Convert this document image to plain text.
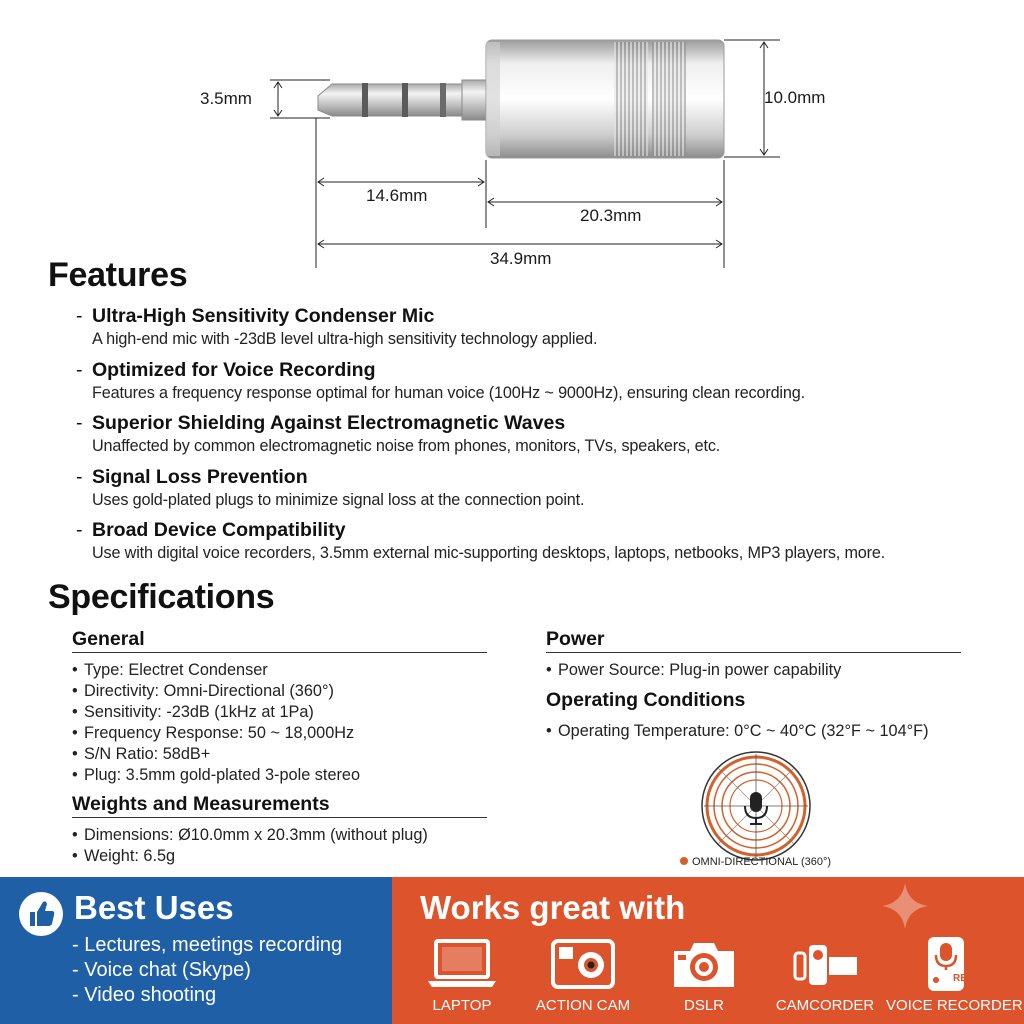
3.5mm	10.0mm
14.6mm
20.3mm
34.9mm
Features
- Ultra-High Sensitivity Condenser Mic
A high-end mic with -23dB level ultra-high sensitivity technology applied.
- Optimized for Voice Recording
Features a frequency response optimal for human voice (100Hz ~ 9000Hz), ensuring clean recording.
- Superior Shielding Against Electromagnetic Waves
Unaffected by common electromagnetic noise from phones, monitors, TVs, speakers, etc.
- Signal Loss Prevention
Uses gold-plated plugs to minimize signal loss at the connection point.
- Broad Device Compatibility
Use with digital voice recorders, 3.5mm external mic-supporting desktops, laptops, netbooks, MP3 players, more.
Specifications
General
• Type: Electret Condenser
• Directivity: Omni-Directional (360°)
• Sensitivity: -23dB (1kHz at 1Pa)
• Frequency Response: 50 ~ 18,000Hz
• S/N Ratio: 58dB+
• Plug: 3.5mm gold-plated 3-pole stereo
Weights and Measurements
• Dimensions: Ø10.0mm x 20.3mm (without plug)
• Weight: 6.5g
Power
• Power Source: Plug-in power capability
Operating Conditions
• Operating Temperature: 0°C ~ 40°C (32°F ~ 104°F)
OMNI-DIRECTIONAL (360°)
Best Uses
- Lectures, meetings recording
- Voice chat (Skype)
- Video shooting
Works great with
LAPTOP	ACTION CAM	DSLR	CAMCORDER
REC
VOICE RECORDER
